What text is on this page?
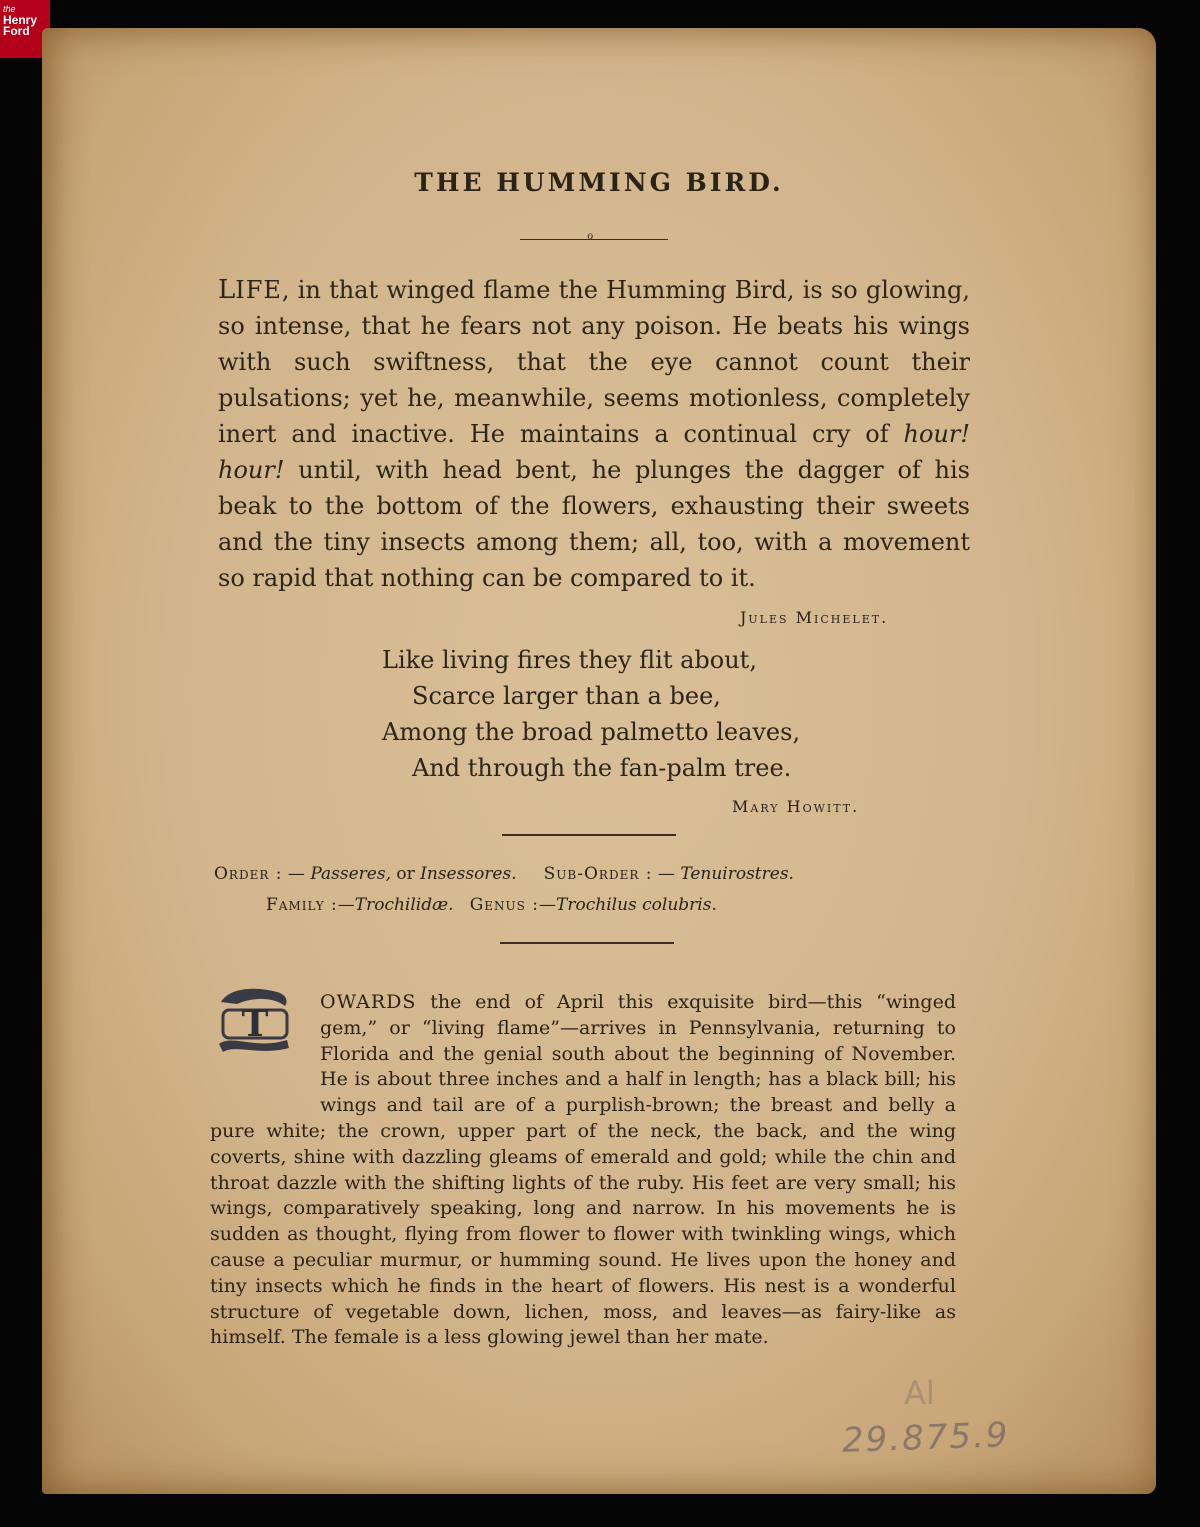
the
Henry
Ford
THE HUMMING BIRD.
ℴ
LIFE, in that winged flame the Humming Bird, is so glowing, so intense, that he fears not any poison. He beats his wings with such swiftness, that the eye cannot count their pulsations; yet he, meanwhile, seems motionless, completely inert and inactive. He maintains a continual cry of hour! hour! until, with head bent, he plunges the dagger of his beak to the bottom of the flowers, exhausting their sweets and the tiny insects among them; all, too, with a movement so rapid that nothing can be compared to it.
Jules Michelet.
Like living fires they flit about,
Scarce larger than a bee,
Among the broad palmetto leaves,
And through the fan-palm tree.
Mary Howitt.
Order : — Passeres, or Insessores. Sub-Order : — Tenuirostres.
Family :—Trochilidæ. Genus :—Trochilus colubris.
T
OWARDS the end of April this exquisite bird—this “winged gem,” or “living flame”—arrives in Pennsylvania, returning to Florida and the genial south about the beginning of November. He is about three inches and a half in length; has a black bill; his wings and tail are of a purplish-brown; the breast and belly a pure white; the crown, upper part of the neck, the back, and the wing coverts, shine with dazzling gleams of emerald and gold; while the chin and throat dazzle with the shifting lights of the ruby. His feet are very small; his wings, comparatively speaking, long and narrow. In his movements he is sudden as thought, flying from flower to flower with twinkling wings, which cause a peculiar murmur, or humming sound. He lives upon the honey and tiny insects which he finds in the heart of flowers. His nest is a wonderful structure of vegetable down, lichen, moss, and leaves—as fairy-like as himself. The female is a less glowing jewel than her mate.
Al
29.875.9
